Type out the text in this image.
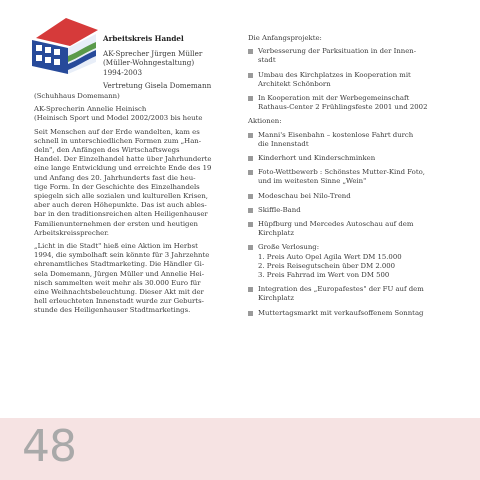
Arbeitskreis Handel

AK-Sprecher Jürgen Müller
(Müller-Wohngestaltung)
1994-2003

Vertretung Gisela Domemann

(Schuhhaus Domemann)

AK-Sprecherin Annelie Heinisch
(Heinisch Sport und Model 2002/2003 bis heute

Seit Menschen auf der Erde wandelten, kam es
schnell in unterschiedlichen Formen zum „Han-
deln", den Anfängen des Wirtschaftswegs
Handel. Der Einzelhandel hatte über Jahrhunderte
eine lange Entwicklung und erreichte Ende des 19
und Anfang des 20. Jahrhunderts fast die heu-
tige Form. In der Geschichte des Einzelhandels
spiegeln sich alle sozialen und kulturellen Krisen,
aber auch deren Höhepunkte. Das ist auch ables-
bar in den traditionsreichen alten Heiligenhauser
Familienunternehmen der ersten und heutigen
Arbeitskreissprecher.

„Licht in die Stadt" hieß eine Aktion im Herbst
1994, die symbolhaft sein könnte für 3 Jahrzehnte
ehrenamtliches Stadtmarketing. Die Händler Gi-
sela Domemann, Jürgen Müller und Annelie Hei-
nisch sammelten weit mehr als 30.000 Euro für
eine Weihnachtsbeleuchtung. Dieser Akt mit der
hell erleuchteten Innenstadt wurde zur Geburts-
stunde des Heiligenhauser Stadtmarketings.

Die Anfangsprojekte:

Verbesserung der Parksituation in der Innen-
stadt
Umbau des Kirchplatzes in Kooperation mit
Architekt Schönborn
In Kooperation mit der Werbegemeinschaft
Rathaus-Center 2 Frühlingsfeste 2001 und 2002

Aktionen:

Manni's Eisenbahn – kostenlose Fahrt durch
die Innenstadt
Kinderhort und Kinderschminken
Foto-Wettbewerb : Schönstes Mutter-Kind Foto,
und im weitesten Sinne „Wein"
Modeschau bei Nilo-Trend
Skiffle-Band
Hüpfburg und Mercedes Autoschau auf dem
Kirchplatz
Große Verlosung:
1. Preis Auto Opel Agila Wert DM 15.000
2. Preis Reisegutschein über DM 2.000
3. Preis Fahrrad im Wert von DM 500
Integration des „Europafestes" der FU auf dem
Kirchplatz
Muttertagsmarkt mit verkaufsoffenem Sonntag
48
